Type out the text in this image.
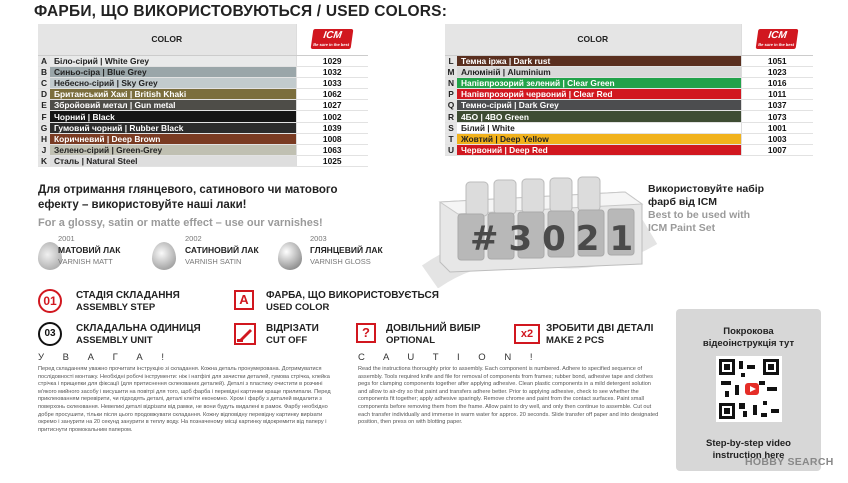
ФАРБИ, ЩО ВИКОРИСТОВУЮТЬСЯ / USED COLORS:
COLOR		ICM
Be sure in the best

A	Біло-сірий | White Grey	1029
B	Синьо-сіра | Blue Grey	1032
C	Небесно-сірий | Sky Grey	1033
D	Британський Хакі | British Khaki	1062
E	Збройовий метал | Gun metal	1027
F	Чорний | Black	1002
G	Гумовий чорний | Rubber Black	1039
H	Коричневий | Deep Brown	1008
J	Зелено-сірий | Green-Grey	1063
K	Сталь | Natural Steel	1025
COLOR		ICM
Be sure in the best

L	Темна іржа | Dark rust	1051
M	Алюміній | Aluminium	1023
N	Напівпрозорий зелений | Clear Green	1016
P	Напівпрозорий червоний | Clear Red	1011
Q	Темно-сірий | Dark Grey	1037
R	4БО | 4BO Green	1073
S	Білий | White	1001
T	Жовтий | Deep Yellow	1003
U	Червоний | Deep Red	1007
Для отримання глянцевого, сатинового чи матового
ефекту – використовуйте наші лаки!
For a glossy, satin or matte effect – use our varnishes!
2001
МАТОВИЙ ЛАК
VARNISH MATT
2002
САТИНОВИЙ ЛАК
VARNISH SATIN
2003
ГЛЯНЦЕВИЙ ЛАК
VARNISH GLOSS
#3021
Використовуйте набір
фарб від ICM
Best to be used with
ICM Paint Set
01	СТАДІЯ СКЛАДАННЯ
ASSEMBLY STEP
A	ФАРБА, ЩО ВИКОРИСТОВУЄТЬСЯ
USED COLOR
03	СКЛАДАЛЬНА ОДИНИЦЯ
ASSEMBLY UNIT
ВІДРІЗАТИ
CUT OFF
?	ДОВІЛЬНИЙ ВИБІР
OPTIONAL
x2	ЗРОБИТИ ДВІ ДЕТАЛІ
MAKE 2 PCS
У В А Г А !	C A U T I O N !
Перед складанням уважно прочитати інструкцію зі складання. Кожна деталь пронумерована. Дотримуватися послідовності монтажу. Необхідні робочі інструменти: ніж і натфілі для зачистки деталей, гумова стрічка, клейка стрічка і прищепки для фіксації (для притиснення склеюваних деталей). Деталі з пластику очистити в розчині м'якого мийного засобу і висушити на повітрі для того, щоб фарба і перевідні картинки краще прилипали. Перед приклеюванням перевірити, чи підходять деталі, деталі клеїти економно. Хром і фарбу з деталей видалити з поверхонь склеювання. Невеликі деталі відрізати від рамки, не вони будуть видалені в рамок. Фарбу необхідно добре просушити, тільки після цього продовжувати складання. Кожну відповідну перевідну картинку вирізати окремо і занурити на 20 секунд занурити в теплу воду. На позначеному місці картинку відокремити від паперу і притиснути промокальним папером.
Read the instructions thoroughly prior to assembly. Each component is numbered. Adhere to specified sequence of assembly. Tools required knife and file for removal of components from frames; rubber bond, adhesive tape and clothes pegs for clamping components together after applying adhesive. Clean plastic components in a mild detergent solution and allow to air-dry so that paint and transfers adhere better. Prior to applying adhesive, check to see whether the components fit together; apply adhesive sparingly. Remove chrome and paint from the contact surfaces. Paint small components before removing them from the frame. Allow paint to dry well, and only then continue to assemble. Cut out each transfer individually and immerse in warm water for approx. 20 seconds. Slide transfer off paper and into designated position, then press on with blotting paper.
Покрокова
відеоінструкція тут
Step-by-step video
instruction here
HOBBY SEARCH
